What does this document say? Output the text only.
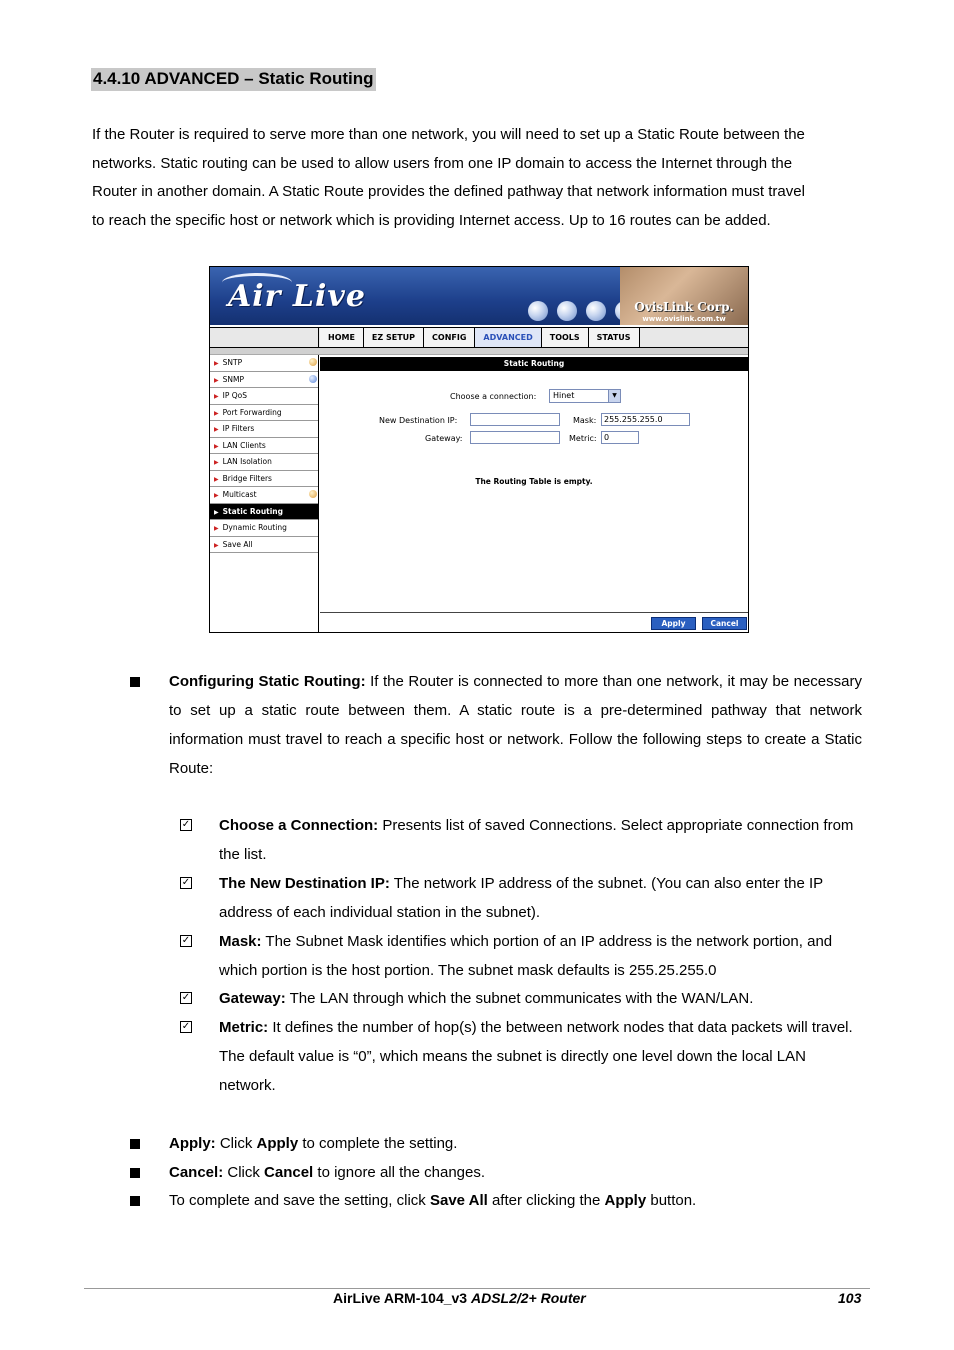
4.4.10 ADVANCED – Static Routing
If the Router is required to serve more than one network, you will need to set up a Static Route between the
networks. Static routing can be used to allow users from one IP domain to access the Internet through the
Router in another domain. A Static Route provides the defined pathway that network information must travel
to reach the specific host or network which is providing Internet access. Up to 16 routes can be added.
Air Live	OvisLink Corp.
www.ovislink.com.tw
HOME	EZ SETUP	CONFIG	ADVANCED	TOOLS	STATUS
▶ SNTP
▶ SNMP
▶ IP QoS
▶ Port Forwarding
▶ IP Filters
▶ LAN Clients
▶ LAN Isolation
▶ Bridge Filters
▶ Multicast
▶ Static Routing
▶ Dynamic Routing
▶ Save All
Static Routing
Choose a connection:	Hinet	▼
New Destination IP:	Mask: 255.255.255.0
Gateway:	Metric: 0
The Routing Table is empty.
Apply	Cancel
Configuring Static Routing: If the Router is connected to more than one network, it may be necessary to set up a static route between them. A static route is a pre-determined pathway that network information must travel to reach a specific host or network. Follow the following steps to create a Static Route:
✓ Choose a Connection: Presents list of saved Connections. Select appropriate connection from the list.
✓ The New Destination IP: The network IP address of the subnet. (You can also enter the IP address of each individual station in the subnet).
✓ Mask: The Subnet Mask identifies which portion of an IP address is the network portion, and which portion is the host portion. The subnet mask defaults is 255.25.255.0
✓ Gateway: The LAN through which the subnet communicates with the WAN/LAN.
✓ Metric: It defines the number of hop(s) the between network nodes that data packets will travel. The default value is “0”, which means the subnet is directly one level down the local LAN network.
Apply: Click Apply to complete the setting.
Cancel: Click Cancel to ignore all the changes.
To complete and save the setting, click Save All after clicking the Apply button.
AirLive ARM-104_v3 ADSL2/2+ Router	103
